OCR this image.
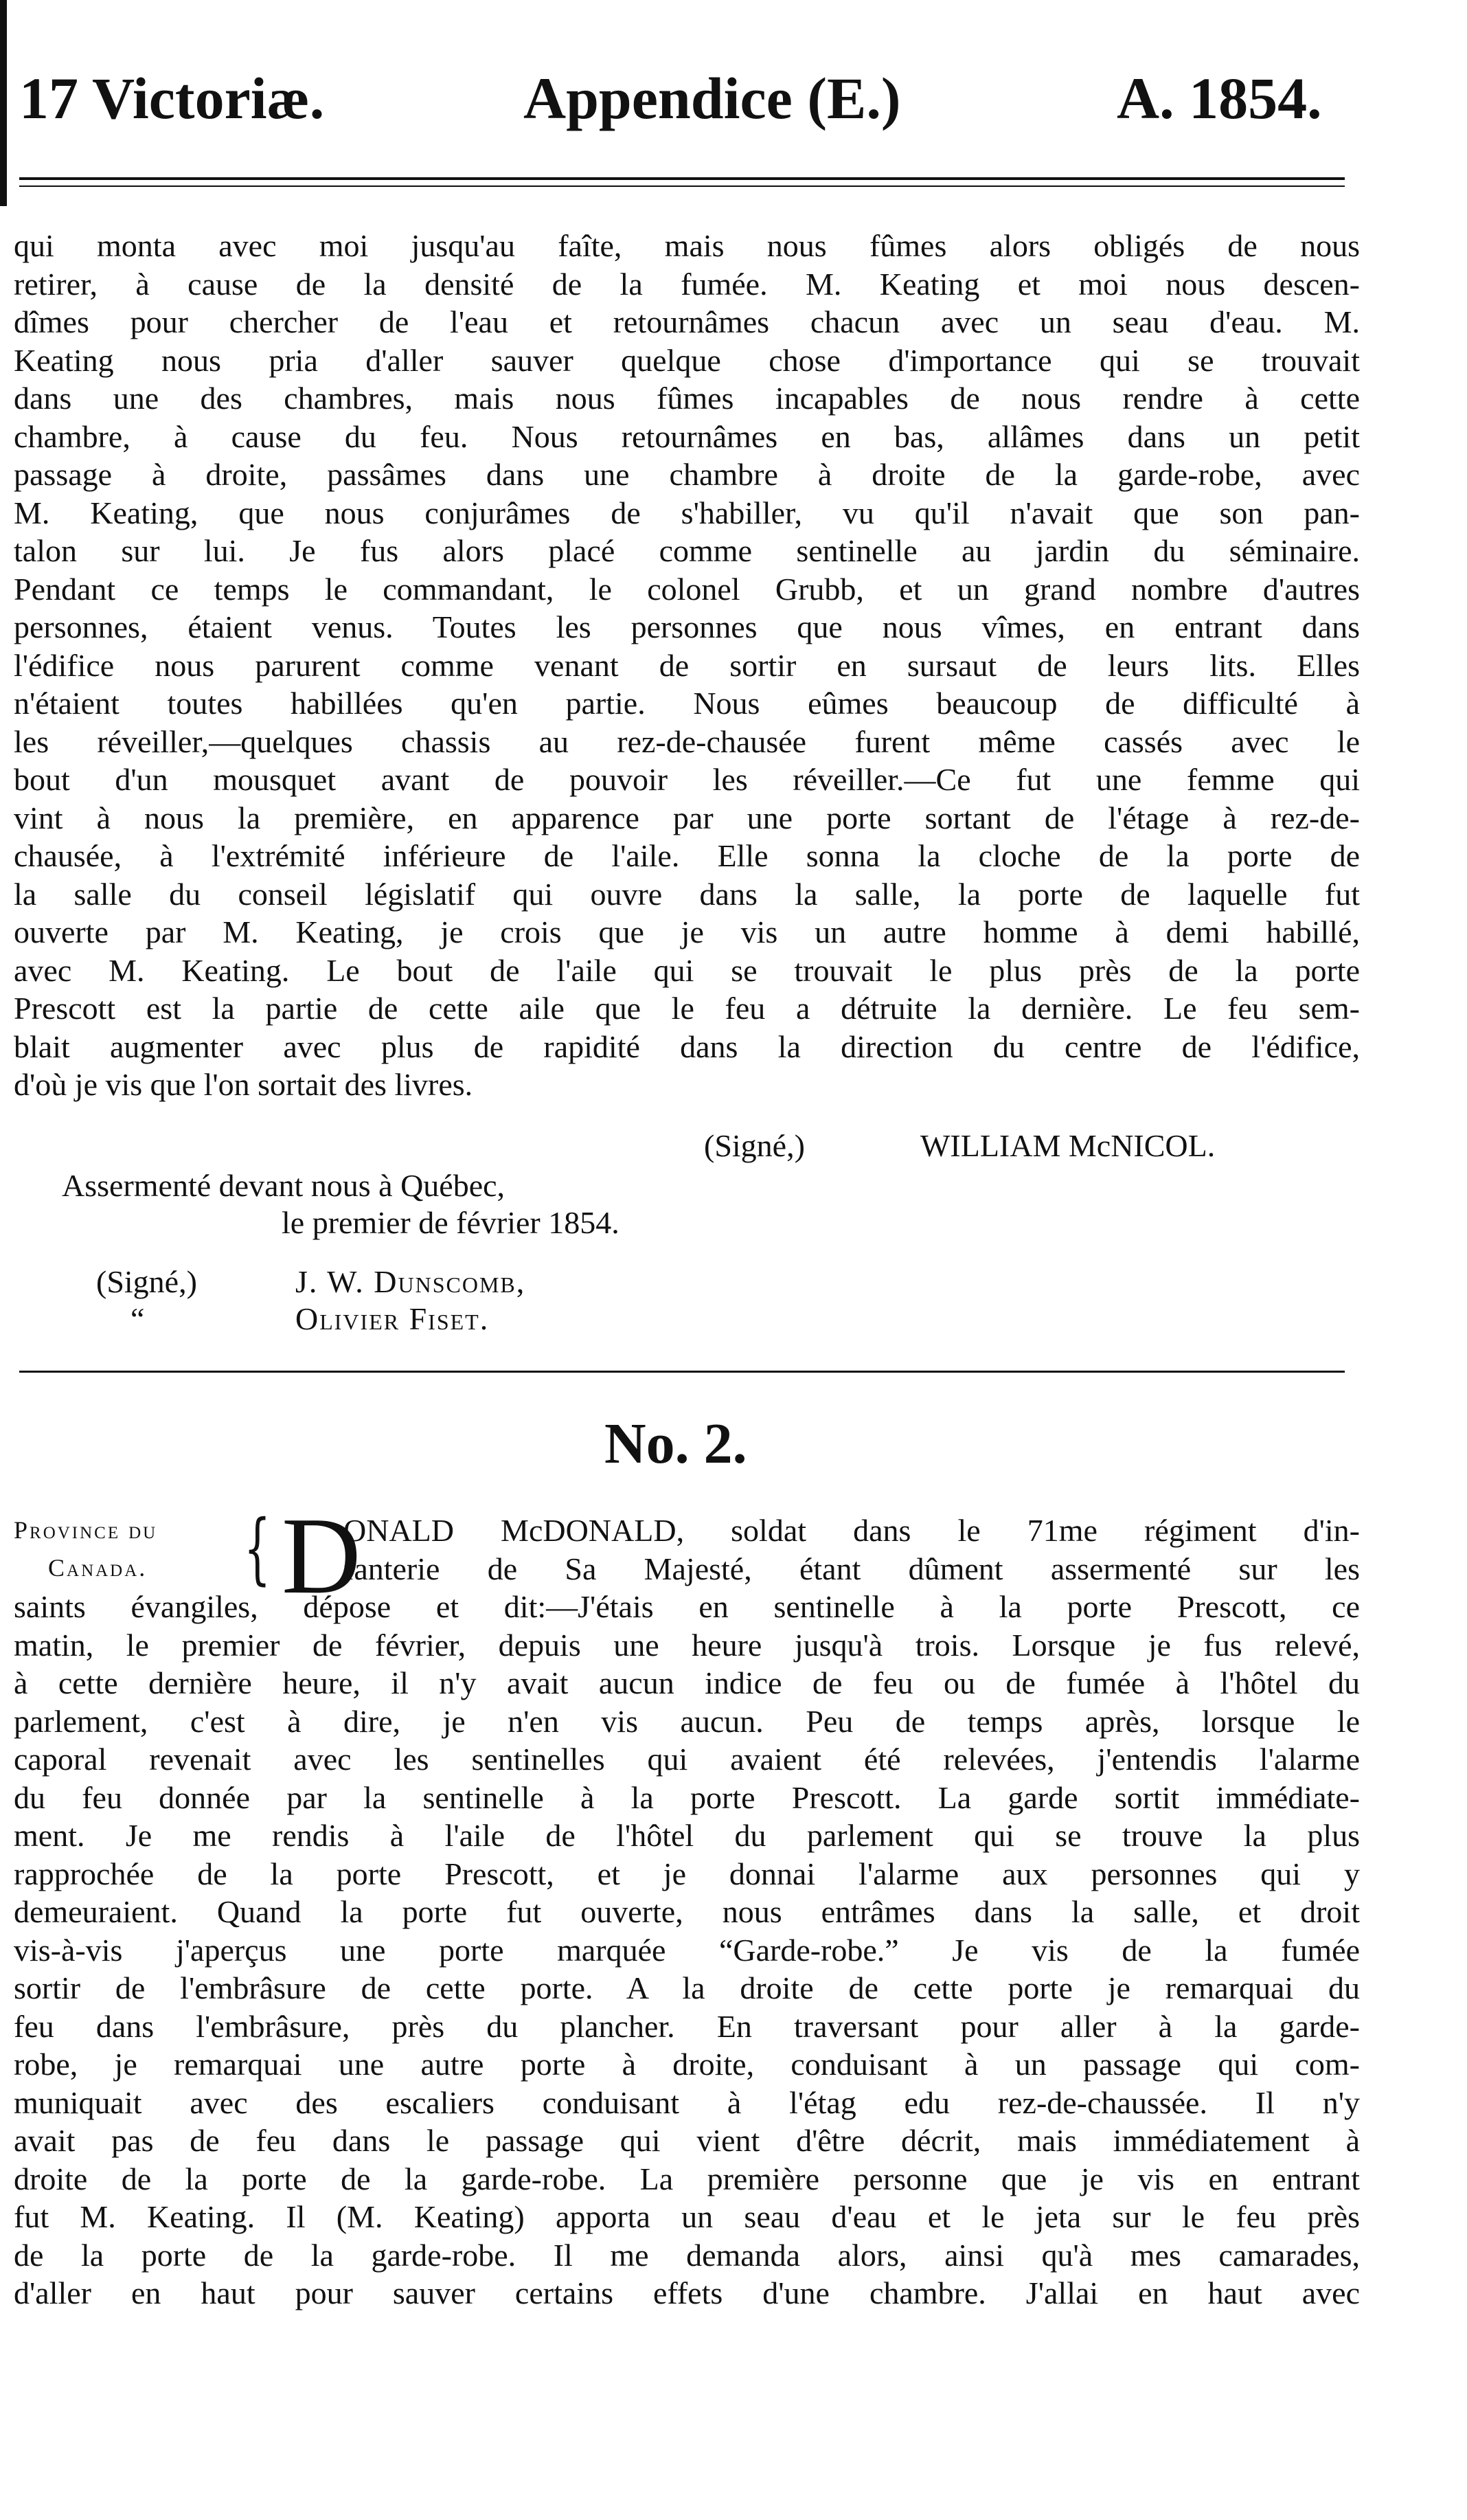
17 Victoriæ.	Appendice (E.)	A. 1854.
qui monta avec moi jusqu'au faîte, mais nous fûmes alors obligés de nous
retirer, à cause de la densité de la fumée. M. Keating et moi nous descen-
dîmes pour chercher de l'eau et retournâmes chacun avec un seau d'eau. M.
Keating nous pria d'aller sauver quelque chose d'importance qui se trouvait
dans une des chambres, mais nous fûmes incapables de nous rendre à cette
chambre, à cause du feu. Nous retournâmes en bas, allâmes dans un petit
passage à droite, passâmes dans une chambre à droite de la garde-robe, avec
M. Keating, que nous conjurâmes de s'habiller, vu qu'il n'avait que son pan-
talon sur lui. Je fus alors placé comme sentinelle au jardin du séminaire.
Pendant ce temps le commandant, le colonel Grubb, et un grand nombre d'autres
personnes, étaient venus. Toutes les personnes que nous vîmes, en entrant dans
l'édifice nous parurent comme venant de sortir en sursaut de leurs lits. Elles
n'étaient toutes habillées qu'en partie. Nous eûmes beaucoup de difficulté à
les réveiller,—quelques chassis au rez-de-chausée furent même cassés avec le
bout d'un mousquet avant de pouvoir les réveiller.—Ce fut une femme qui
vint à nous la première, en apparence par une porte sortant de l'étage à rez-de-
chausée, à l'extrémité inférieure de l'aile. Elle sonna la cloche de la porte de
la salle du conseil législatif qui ouvre dans la salle, la porte de laquelle fut
ouverte par M. Keating, je crois que je vis un autre homme à demi habillé,
avec M. Keating. Le bout de l'aile qui se trouvait le plus près de la porte
Prescott est la partie de cette aile que le feu a détruite la dernière. Le feu sem-
blait augmenter avec plus de rapidité dans la direction du centre de l'édifice,
d'où je vis que l'on sortait des livres.
(Signé,)	WILLIAM McNICOL.
Assermenté devant nous à Québec,
le premier de février 1854.
(Signé,)	J. W. Dunscomb,
“	Olivier Fiset.
No. 2.
Province du
Canada. { D
ONALD McDONALD, soldat dans le 71me régiment d'in-
fanterie de Sa Majesté, étant dûment assermenté sur les
saints évangiles, dépose et dit:—J'étais en sentinelle à la porte Prescott, ce
matin, le premier de février, depuis une heure jusqu'à trois. Lorsque je fus relevé,
à cette dernière heure, il n'y avait aucun indice de feu ou de fumée à l'hôtel du
parlement, c'est à dire, je n'en vis aucun. Peu de temps après, lorsque le
caporal revenait avec les sentinelles qui avaient été relevées, j'entendis l'alarme
du feu donnée par la sentinelle à la porte Prescott. La garde sortit immédiate-
ment. Je me rendis à l'aile de l'hôtel du parlement qui se trouve la plus
rapprochée de la porte Prescott, et je donnai l'alarme aux personnes qui y
demeuraient. Quand la porte fut ouverte, nous entrâmes dans la salle, et droit
vis-à-vis j'aperçus une porte marquée “Garde-robe.” Je vis de la fumée
sortir de l'embrâsure de cette porte. A la droite de cette porte je remarquai du
feu dans l'embrâsure, près du plancher. En traversant pour aller à la garde-
robe, je remarquai une autre porte à droite, conduisant à un passage qui com-
muniquait avec des escaliers conduisant à l'étag edu rez-de-chaussée. Il n'y
avait pas de feu dans le passage qui vient d'être décrit, mais immédiatement à
droite de la porte de la garde-robe. La première personne que je vis en entrant
fut M. Keating. Il (M. Keating) apporta un seau d'eau et le jeta sur le feu près
de la porte de la garde-robe. Il me demanda alors, ainsi qu'à mes camarades,
d'aller en haut pour sauver certains effets d'une chambre. J'allai en haut avec
